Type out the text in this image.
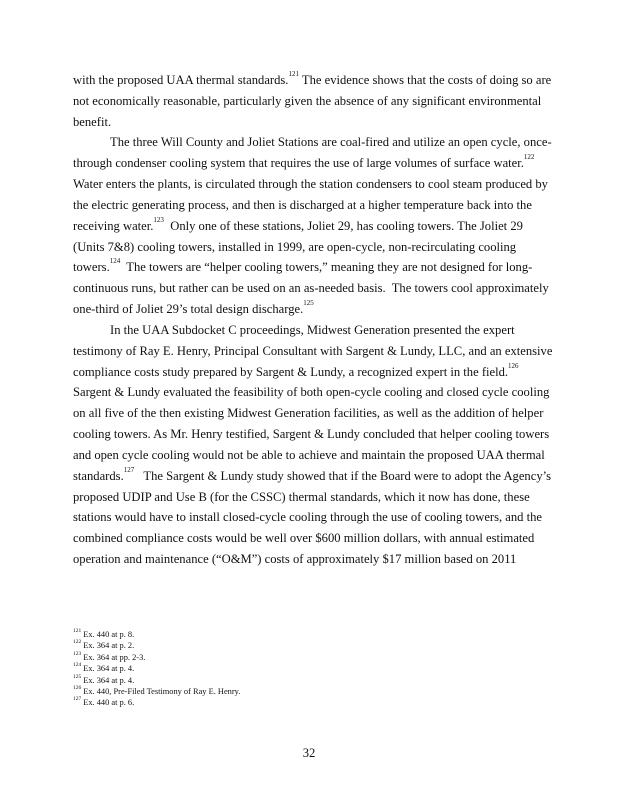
with the proposed UAA thermal standards.$^{121}$ The evidence shows that the costs of doing so are
not economically reasonable, particularly given the absence of any significant environmental
benefit.
The three Will County and Joliet Stations are coal-fired and utilize an open cycle, once-
through condenser cooling system that requires the use of large volumes of surface water.$^{122}$
Water enters the plants, is circulated through the station condensers to cool steam produced by
the electric generating process, and then is discharged at a higher temperature back into the
receiving water.$^{123}$  Only one of these stations, Joliet 29, has cooling towers. The Joliet 29
(Units 7&8) cooling towers, installed in 1999, are open-cycle, non-recirculating cooling
towers.$^{124}$  The towers are “helper cooling towers,” meaning they are not designed for long-
continuous runs, but rather can be used on an as-needed basis.  The towers cool approximately
one-third of Joliet 29’s total design discharge.$^{125}$
In the UAA Subdocket C proceedings, Midwest Generation presented the expert
testimony of Ray E. Henry, Principal Consultant with Sargent & Lundy, LLC, and an extensive
compliance costs study prepared by Sargent & Lundy, a recognized expert in the field.$^{126}$
Sargent & Lundy evaluated the feasibility of both open-cycle cooling and closed cycle cooling
on all five of the then existing Midwest Generation facilities, as well as the addition of helper
cooling towers. As Mr. Henry testified, Sargent & Lundy concluded that helper cooling towers
and open cycle cooling would not be able to achieve and maintain the proposed UAA thermal
standards.$^{127}$   The Sargent & Lundy study showed that if the Board were to adopt the Agency’s
proposed UDIP and Use B (for the CSSC) thermal standards, which it now has done, these
stations would have to install closed-cycle cooling through the use of cooling towers, and the
combined compliance costs would be well over $600 million dollars, with annual estimated
operation and maintenance (“O&M”) costs of approximately $17 million based on 2011
$^{121}$ Ex. 440 at p. 8.
$^{122}$ Ex. 364 at p. 2.
$^{123}$ Ex. 364 at pp. 2-3.
$^{124}$ Ex. 364 at p. 4.
$^{125}$ Ex. 364 at p. 4.
$^{126}$ Ex. 440, Pre-Filed Testimony of Ray E. Henry.
$^{127}$ Ex. 440 at p. 6.
32
